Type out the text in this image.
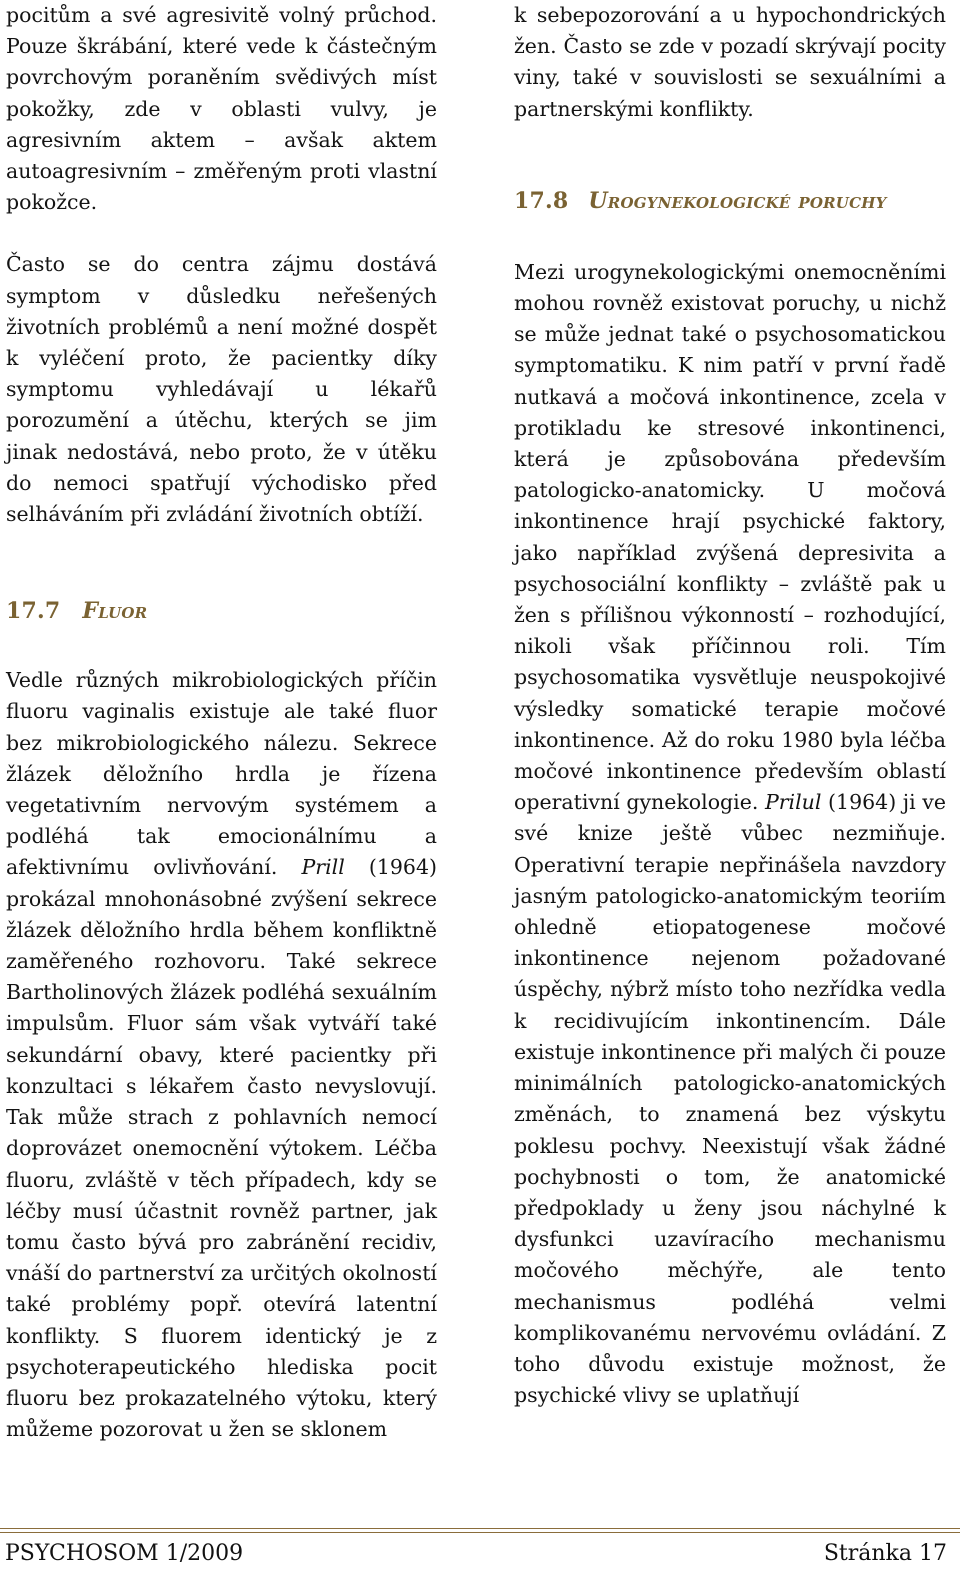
pocitům a své agresivitě volný průchod. Pouze škrábání, které vede k částečným povrchovým poraněním svědivých míst pokožky, zde v oblasti vulvy, je agresivním aktem – avšak aktem autoagresivním – změřeným proti vlastní pokožce.

Často se do centra zájmu dostává symptom v důsledku neřešených životních problémů a není možné dospět k vyléčení proto, že pacientky díky symptomu vyhledávají u lékařů porozumění a útěchu, kterých se jim jinak nedostává, nebo proto, že v útěku do nemoci spatřují východisko před selháváním při zvládání životních obtíží.

17.7 Fluor

Vedle různých mikrobiologických příčin fluoru vaginalis existuje ale také fluor bez mikrobiologického nálezu. Sekrece žlázek děložního hrdla je řízena vegetativním nervovým systémem a podléhá tak emocionálnímu a afektivnímu ovlivňování. Prill (1964) prokázal mnohonásobné zvýšení sekrece žlázek děložního hrdla během konfliktně zaměřeného rozhovoru. Také sekrece Bartholinových žlázek podléhá sexuálním impulsům. Fluor sám však vytváří také sekundární obavy, které pacientky při konzultaci s lékařem často nevyslovují. Tak může strach z pohlavních nemocí doprovázet onemocnění výtokem. Léčba fluoru, zvláště v těch případech, kdy se léčby musí účastnit rovněž partner, jak tomu často bývá pro zabránění recidiv, vnáší do partnerství za určitých okolností také problémy popř. otevírá latentní konflikty. S fluorem identický je z psychoterapeutického hlediska pocit fluoru bez prokazatelného výtoku, který můžeme pozorovat u žen se sklonem

k sebepozorování a u hypochondrických žen. Často se zde v pozadí skrývají pocity viny, také v souvislosti se sexuálními a partnerskými konflikty.

17.8 Urogynekologické poruchy

Mezi urogynekologickými onemocněními mohou rovněž existovat poruchy, u nichž se může jednat také o psychosomatickou symptomatiku. K nim patří v první řadě nutkavá a močová inkontinence, zcela v protikladu ke stresové inkontinenci, která je způsobována především patologicko-anatomicky. U močová inkontinence hrají psychické faktory, jako například zvýšená depresivita a psychosociální konflikty – zvláště pak u žen s přílišnou výkonností – rozhodující, nikoli však příčinnou roli. Tím psychosomatika vysvětluje neuspokojivé výsledky somatické terapie močové inkontinence. Až do roku 1980 byla léčba močové inkontinence především oblastí operativní gynekologie. Prilul (1964) ji ve své knize ještě vůbec nezmiňuje. Operativní terapie nepřinášela navzdory jasným patologicko-anatomickým teoriím ohledně etiopatogenese močové inkontinence nejenom požadované úspěchy, nýbrž místo toho nezřídka vedla k recidivujícím inkontinencím. Dále existuje inkontinence při malých či pouze minimálních patologicko-anatomických změnách, to znamená bez výskytu poklesu pochvy. Neexistují však žádné pochybnosti o tom, že anatomické předpoklady u ženy jsou náchylné k dysfunkci uzavíracího mechanismu močového měchýře, ale tento mechanismus podléhá velmi komplikovanému nervovému ovládání. Z toho důvodu existuje možnost, že psychické vlivy se uplatňují

PSYCHOSOM 1/2009	Stránka 17
